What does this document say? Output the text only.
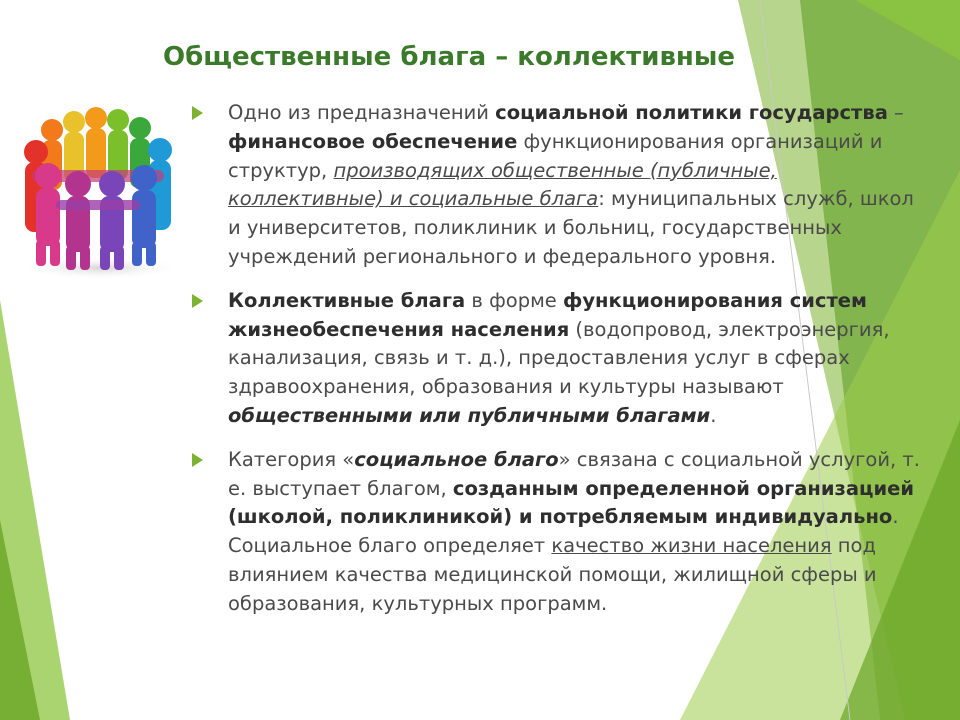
Общественные блага – коллективные

Одно из предназначений социальной политики государства – финансовое обеспечение функционирования организаций и структур, производящих общественные (публичные, коллективные) и социальные блага: муниципальных служб, школ и университетов, поликлиник и больниц, государственных учреждений регионального и федерального уровня.

Коллективные блага в форме функционирования систем жизнеобеспечения населения (водопровод, электроэнергия, канализация, связь и т. д.), предоставления услуг в сферах здравоохранения, образования и культуры называют общественными или публичными благами.

Категория «социальное благо» связана с социальной услугой, т. е. выступает благом, созданным определенной организацией (школой, поликлиникой) и потребляемым индивидуально. Социальное благо определяет качество жизни населения под влиянием качества медицинской помощи, жилищной сферы и образования, культурных программ.
